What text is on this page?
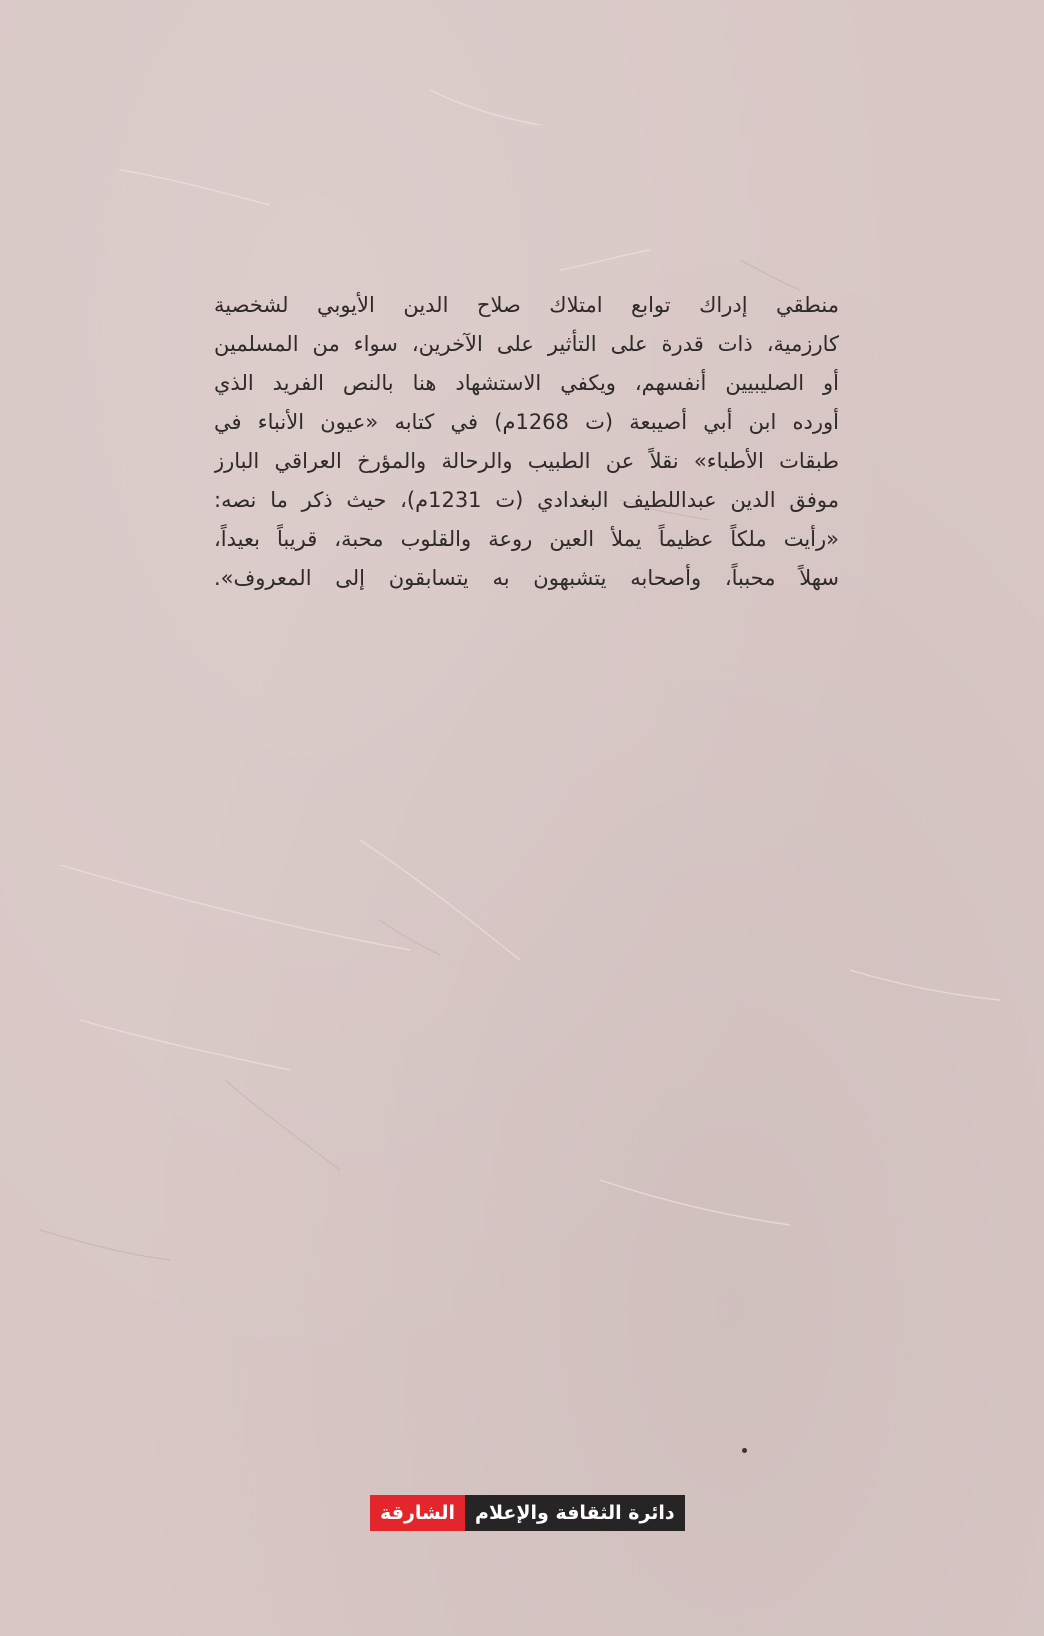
منطقي إدراك توابع امتلاك صلاح الدين الأيوبي لشخصية
كارزمية، ذات قدرة على التأثير على الآخرين، سواء من المسلمين
أو الصليبيين أنفسهم، ويكفي الاستشهاد هنا بالنص الفريد الذي
أورده ابن أبي أصيبعة (ت 1268م) في كتابه «عيون الأنباء في
طبقات الأطباء» نقلاً عن الطبيب والرحالة والمؤرخ العراقي البارز
موفق الدين عبداللطيف البغدادي (ت 1231م)، حيث ذكر ما نصه:
«رأيت ملكاً عظيماً يملأ العين روعة والقلوب محبة، قريباً بعيداً،
سهلاً محبباً، وأصحابه يتشبهون به يتسابقون إلى المعروف».
الشارقة	دائرة الثقافة والإعلام
